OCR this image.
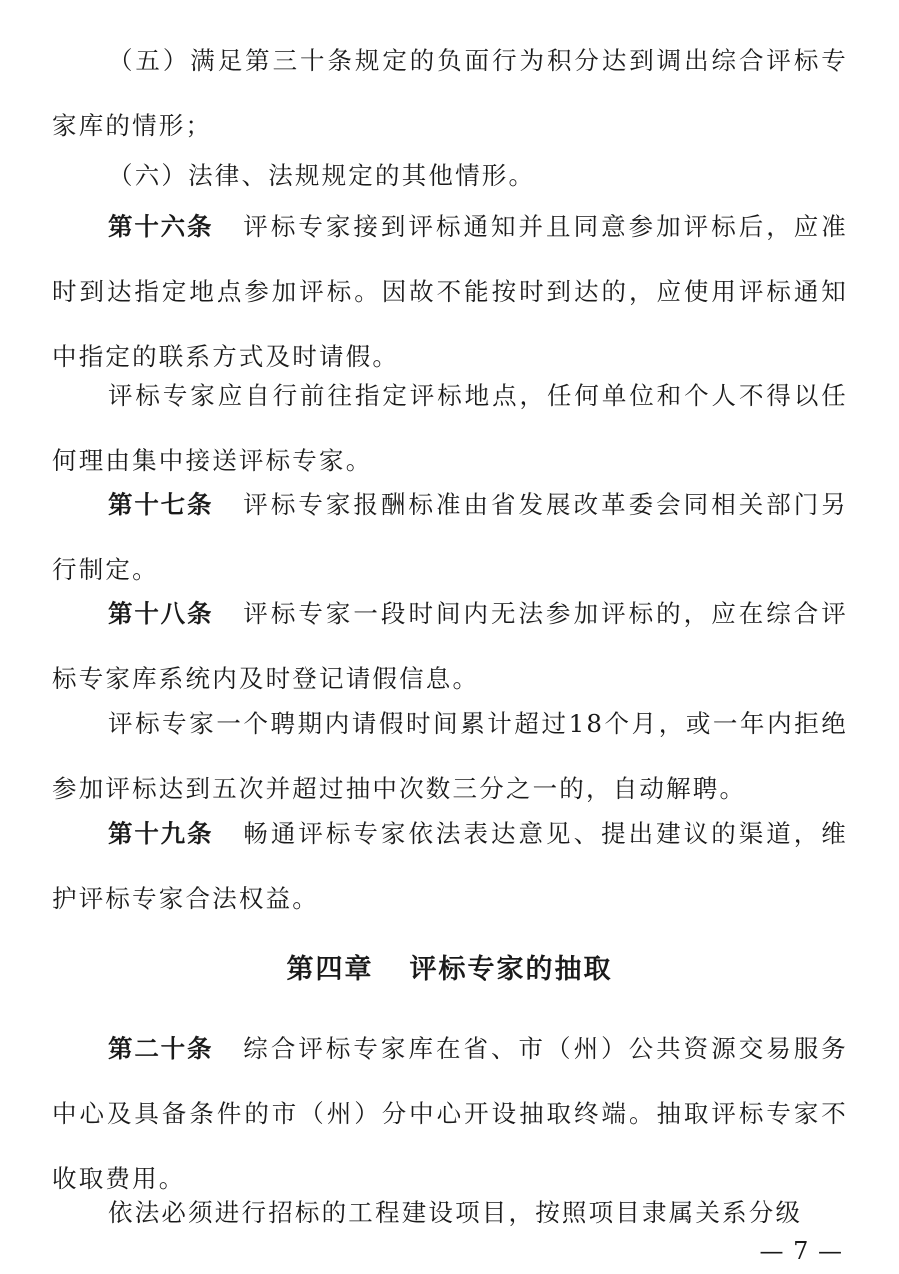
（五）满足第三十条规定的负面行为积分达到调出综合评标专家库的情形；

（六）法律、法规规定的其他情形。

第十六条 评标专家接到评标通知并且同意参加评标后，应准时到达指定地点参加评标。因故不能按时到达的，应使用评标通知中指定的联系方式及时请假。

评标专家应自行前往指定评标地点，任何单位和个人不得以任何理由集中接送评标专家。

第十七条 评标专家报酬标准由省发展改革委会同相关部门另行制定。

第十八条 评标专家一段时间内无法参加评标的，应在综合评标专家库系统内及时登记请假信息。

评标专家一个聘期内请假时间累计超过18个月，或一年内拒绝参加评标达到五次并超过抽中次数三分之一的，自动解聘。

第十九条 畅通评标专家依法表达意见、提出建议的渠道，维护评标专家合法权益。

第四章 评标专家的抽取

第二十条 综合评标专家库在省、市（州）公共资源交易服务中心及具备条件的市（州）分中心开设抽取终端。抽取评标专家不收取费用。

依法必须进行招标的工程建设项目，按照项目隶属关系分级

— 7 —
